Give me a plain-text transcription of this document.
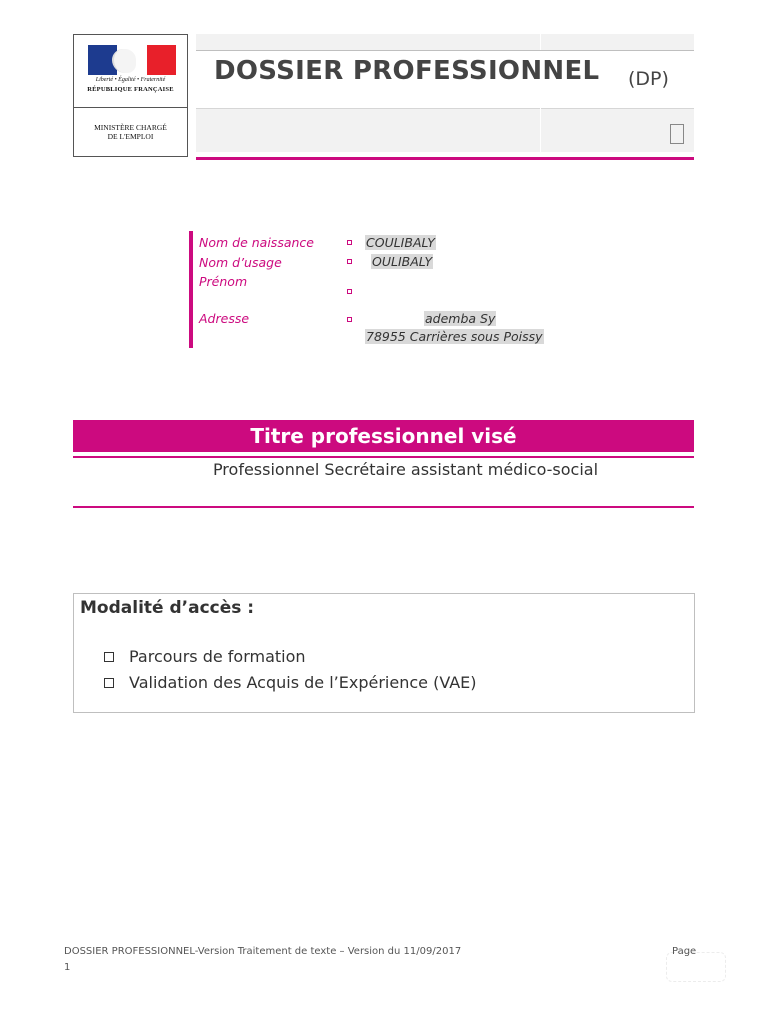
Liberté • Égalité • Fraternité
RÉPUBLIQUE FRANÇAISE
MINISTÈRE CHARGÉ
DE L'EMPLOI
DOSSIER PROFESSIONNEL (DP)
Nom de naissance	COULIBALY
Nom d’usage	OULIBALY
Prénom
Adresse	ademba Sy
78955 Carrières sous Poissy
Titre professionnel visé
Professionnel Secrétaire assistant médico-social
Modalité d’accès :
Parcours de formation
Validation des Acquis de l’Expérience (VAE)
DOSSIER PROFESSIONNEL-Version Traitement de texte – Version du 11/09/2017
1
Page
